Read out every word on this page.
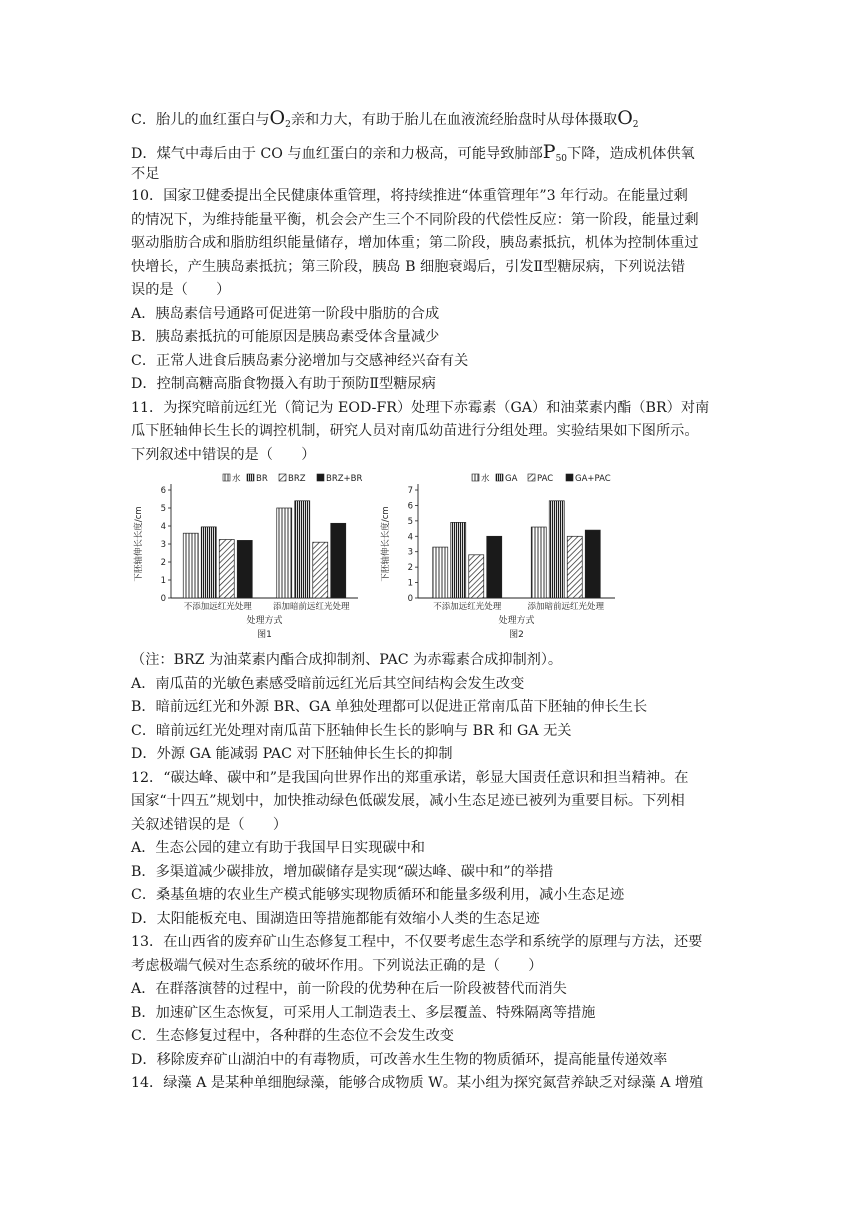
C．胎儿的血红蛋白与$O_2$亲和力大，有助于胎儿在血液流经胎盘时从母体摄取$O_2$
D．煤气中毒后由于 CO 与血红蛋白的亲和力极高，可能导致肺部$P_{50}$下降，造成机体供氧
不足
10．国家卫健委提出全民健康体重管理，将持续推进“体重管理年”3 年行动。在能量过剩
的情况下，为维持能量平衡，机会会产生三个不同阶段的代偿性反应：第一阶段，能量过剩
驱动脂肪合成和脂肪组织能量储存，增加体重；第二阶段，胰岛素抵抗，机体为控制体重过
快增长，产生胰岛素抵抗；第三阶段，胰岛 B 细胞衰竭后，引发Ⅱ型糖尿病，下列说法错
误的是（　　）
A．胰岛素信号通路可促进第一阶段中脂肪的合成
B．胰岛素抵抗的可能原因是胰岛素受体含量减少
C．正常人进食后胰岛素分泌增加与交感神经兴奋有关
D．控制高糖高脂食物摄入有助于预防Ⅱ型糖尿病
11．为探究暗前远红光（简记为 EOD-FR）处理下赤霉素（GA）和油菜素内酯（BR）对南
瓜下胚轴伸长生长的调控机制，研究人员对南瓜幼苗进行分组处理。实验结果如下图所示。
下列叙述中错误的是（　　）
水 BR BRZ BRZ+BR
0
1
2
3
4
5
6
下胚轴伸长长度/cm
不添加远红光处理 添加暗前远红光处理
处理方式
图1
水 GA PAC	GA+PAC
0
1
2
3
4
5
6
7
下胚轴伸长长度/cm
不添加远红光处理	添加暗前远红光处理
处理方式
图2
（注：BRZ 为油菜素内酯合成抑制剂、PAC 为赤霉素合成抑制剂）。
A．南瓜苗的光敏色素感受暗前远红光后其空间结构会发生改变
B．暗前远红光和外源 BR、GA 单独处理都可以促进正常南瓜苗下胚轴的伸长生长
C．暗前远红光处理对南瓜苗下胚轴伸长生长的影响与 BR 和 GA 无关
D．外源 GA 能减弱 PAC 对下胚轴伸长生长的抑制
12．“碳达峰、碳中和”是我国向世界作出的郑重承诺，彰显大国责任意识和担当精神。在
国家“十四五”规划中，加快推动绿色低碳发展，减小生态足迹已被列为重要目标。下列相
关叙述错误的是（　　）
A．生态公园的建立有助于我国早日实现碳中和
B．多渠道减少碳排放，增加碳储存是实现“碳达峰、碳中和”的举措
C．桑基鱼塘的农业生产模式能够实现物质循环和能量多级利用，减小生态足迹
D．太阳能板充电、围湖造田等措施都能有效缩小人类的生态足迹
13．在山西省的废弃矿山生态修复工程中，不仅要考虑生态学和系统学的原理与方法，还要
考虑极端气候对生态系统的破坏作用。下列说法正确的是（　　）
A．在群落演替的过程中，前一阶段的优势种在后一阶段被替代而消失
B．加速矿区生态恢复，可采用人工制造表土、多层覆盖、特殊隔离等措施
C．生态修复过程中，各种群的生态位不会发生改变
D．移除废弃矿山湖泊中的有毒物质，可改善水生生物的物质循环，提高能量传递效率
14．绿藻 A 是某种单细胞绿藻，能够合成物质 W。某小组为探究氮营养缺乏对绿藻 A 增殖
